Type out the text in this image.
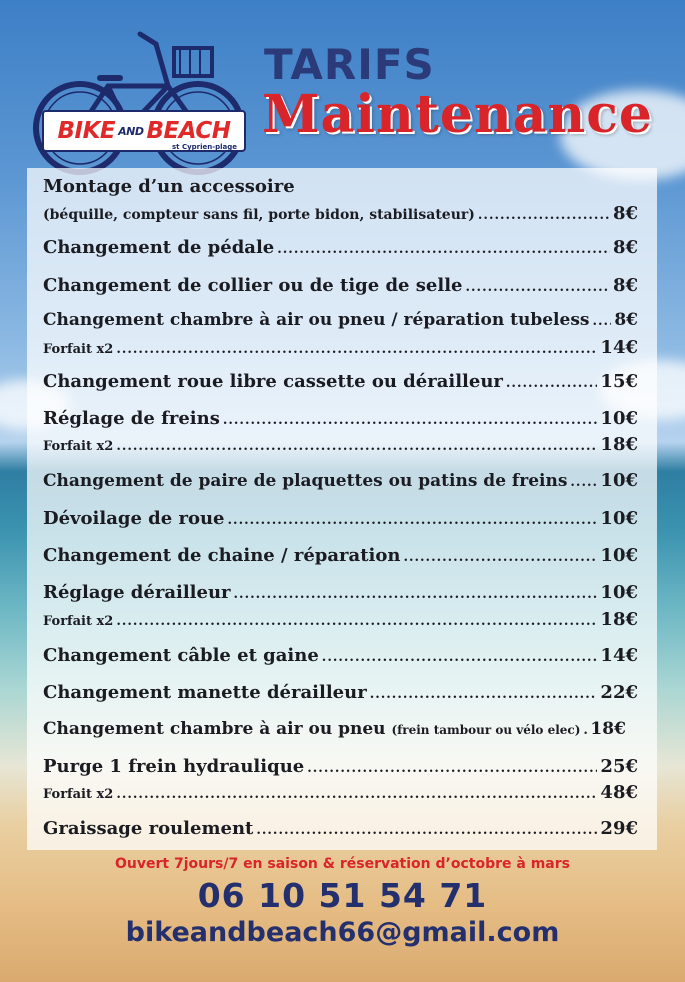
BIKE AND BEACH
st Cyprien-plage
TARIFS
Maintenance
Montage d’un accessoire
(béquille, compteur sans fil, porte bidon, stabilisateur) .....	8€
Changement de pédale .....	8€
Changement de collier ou de tige de selle .....	8€
Changement chambre à air ou pneu / réparation tubeless ..... 8€
Forfait x2 .....	14€
Changement roue libre cassette ou dérailleur .....	15€
Réglage de freins .....	10€
Forfait x2 .....	18€
Changement de paire de plaquettes ou patins de freins ..... 10€
Dévoilage de roue .....	10€
Changement de chaine / réparation .....	10€
Réglage dérailleur .....	10€
Forfait x2 .....	18€
Changement câble et gaine .....	14€
Changement manette dérailleur .....	22€
Changement chambre à air ou pneu (frein tambour ou vélo elec) ..... 18€
Purge 1 frein hydraulique .....	25€
Forfait x2 .....	48€
Graissage roulement .....	29€
Ouvert 7jours/7 en saison & réservation d’octobre à mars
06 10 51 54 71
bikeandbeach66@gmail.com
